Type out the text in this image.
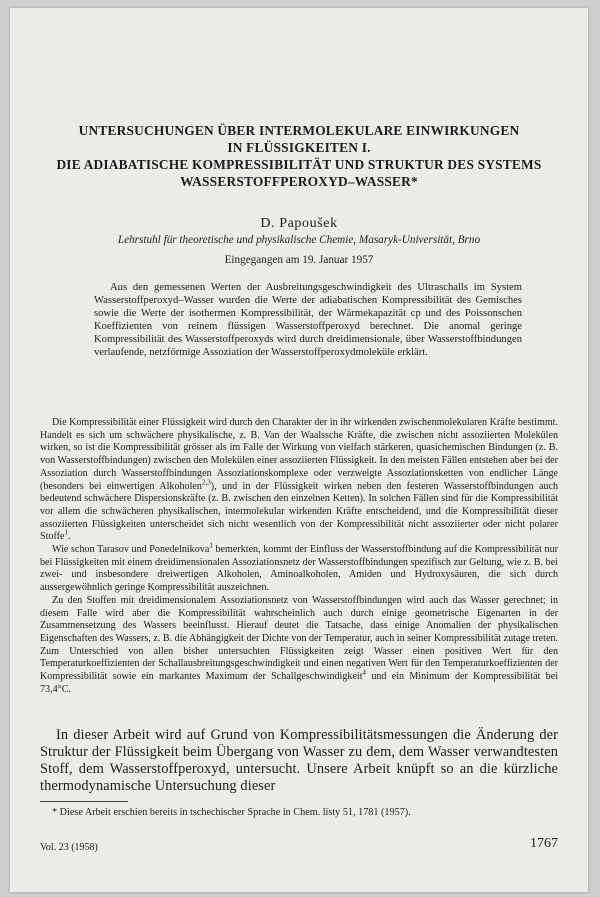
UNTERSUCHUNGEN ÜBER INTERMOLEKULARE EINWIRKUNGEN
IN FLÜSSIGKEITEN I.
DIE ADIABATISCHE KOMPRESSIBILITÄT UND STRUKTUR DES SYSTEMS
WASSERSTOFFPEROXYD–WASSER*
D. Papoušek
Lehrstuhl für theoretische und physikalische Chemie, Masaryk-Universität, Brno
Eingegangen am 19. Januar 1957

Aus den gemessenen Werten der Ausbreitungsgeschwindigkeit des Ultraschalls im System Wasserstoffperoxyd–Wasser wurden die Werte der adiabatischen Kompressibilität des Gemisches sowie die Werte der isothermen Kompressibilität, der Wärmekapazität cp und des Poissonschen Koeffizienten von reinem flüssigen Wasserstoffperoxyd berechnet. Die anomal geringe Kompressibilität des Wasserstoffperoxyds wird durch dreidimensionale, über Wasserstoffbindungen verlaufende, netzförmige Assoziation der Wasserstoffperoxydmoleküle erklärt.

Die Kompressibilität einer Flüssigkeit wird durch den Charakter der in ihr wirkenden zwischenmolekularen Kräfte bestimmt. Handelt es sich um schwächere physikalische, z. B. Van der Waalssche Kräfte, die zwischen nicht assoziierten Molekülen wirken, so ist die Kompressibilität grösser als im Falle der Wirkung von vielfach stärkeren, quasichemischen Bindungen (z. B. von Wasserstoffbindungen) zwischen den Molekülen einer assoziierten Flüssigkeit. In den meisten Fällen entstehen aber bei der Assoziation durch Wasserstoffbindungen Assoziationskomplexe oder verzweigte Assoziationsketten von endlicher Länge (besonders bei einwertigen Alkoholen$^{2,3}$), und in der Flüssigkeit wirken neben den festeren Wasserstoffbindungen auch bedeutend schwächere Dispersionskräfte (z. B. zwischen den einzelnen Ketten). In solchen Fällen sind für die Kompressibilität vor allem die schwächeren physikalischen, intermolekular wirkenden Kräfte entscheidend, und die Kompressibilität dieser assoziierten Flüssigkeiten unterscheidet sich nicht wesentlich von der Kompressibilität nicht assoziierter oder nicht polarer Stoffe$^1$.

Wie schon Tarasov und Ponedelnikova$^1$ bemerkten, kommt der Einfluss der Wasserstoffbindung auf die Kompressibilität nur bei Flüssigkeiten mit einem dreidimensionalen Assoziationsnetz der Wasserstoffbindungen spezifisch zur Geltung, wie z. B. bei zwei- und insbesondere dreiwertigen Alkoholen, Aminoalkoholen, Amiden und Hydroxysäuren, die sich durch aussergewöhnlich geringe Kompressibilität auszeichnen.

Zu den Stoffen mit dreidimensionalem Assoziationsnetz von Wasserstoffbindungen wird auch das Wasser gerechnet; in diesem Falle wird aber die Kompressibilität wahrscheinlich auch durch einige geometrische Eigenarten in der Zusammensetzung des Wassers beeinflusst. Hierauf deutet die Tatsache, dass einige Anomalien der physikalischen Eigenschaften des Wassers, z. B. die Abhängigkeit der Dichte von der Temperatur, auch in seiner Kompressibilität zutage treten. Zum Unterschied von allen bisher untersuchten Flüssigkeiten zeigt Wasser einen positiven Wert für den Temperaturkoeffizienten der Schallausbreitungsgeschwindigkeit und einen negativen Wert für den Temperaturkoeffizienten der Kompressibilität sowie ein markantes Maximum der Schallgeschwindigkeit$^4$ und ein Minimum der Kompressibilität bei 73,4°C.

In dieser Arbeit wird auf Grund von Kompressibilitätsmessungen die Änderung der Struktur der Flüssigkeit beim Übergang von Wasser zu dem, dem Wasser verwandtesten Stoff, dem Wasserstoffperoxyd, untersucht. Unsere Arbeit knüpft so an die kürzliche thermodynamische Untersuchung dieser

* Diese Arbeit erschien bereits in tschechischer Sprache in Chem. listy 51, 1781 (1957).

Vol. 23 (1958)	1767
